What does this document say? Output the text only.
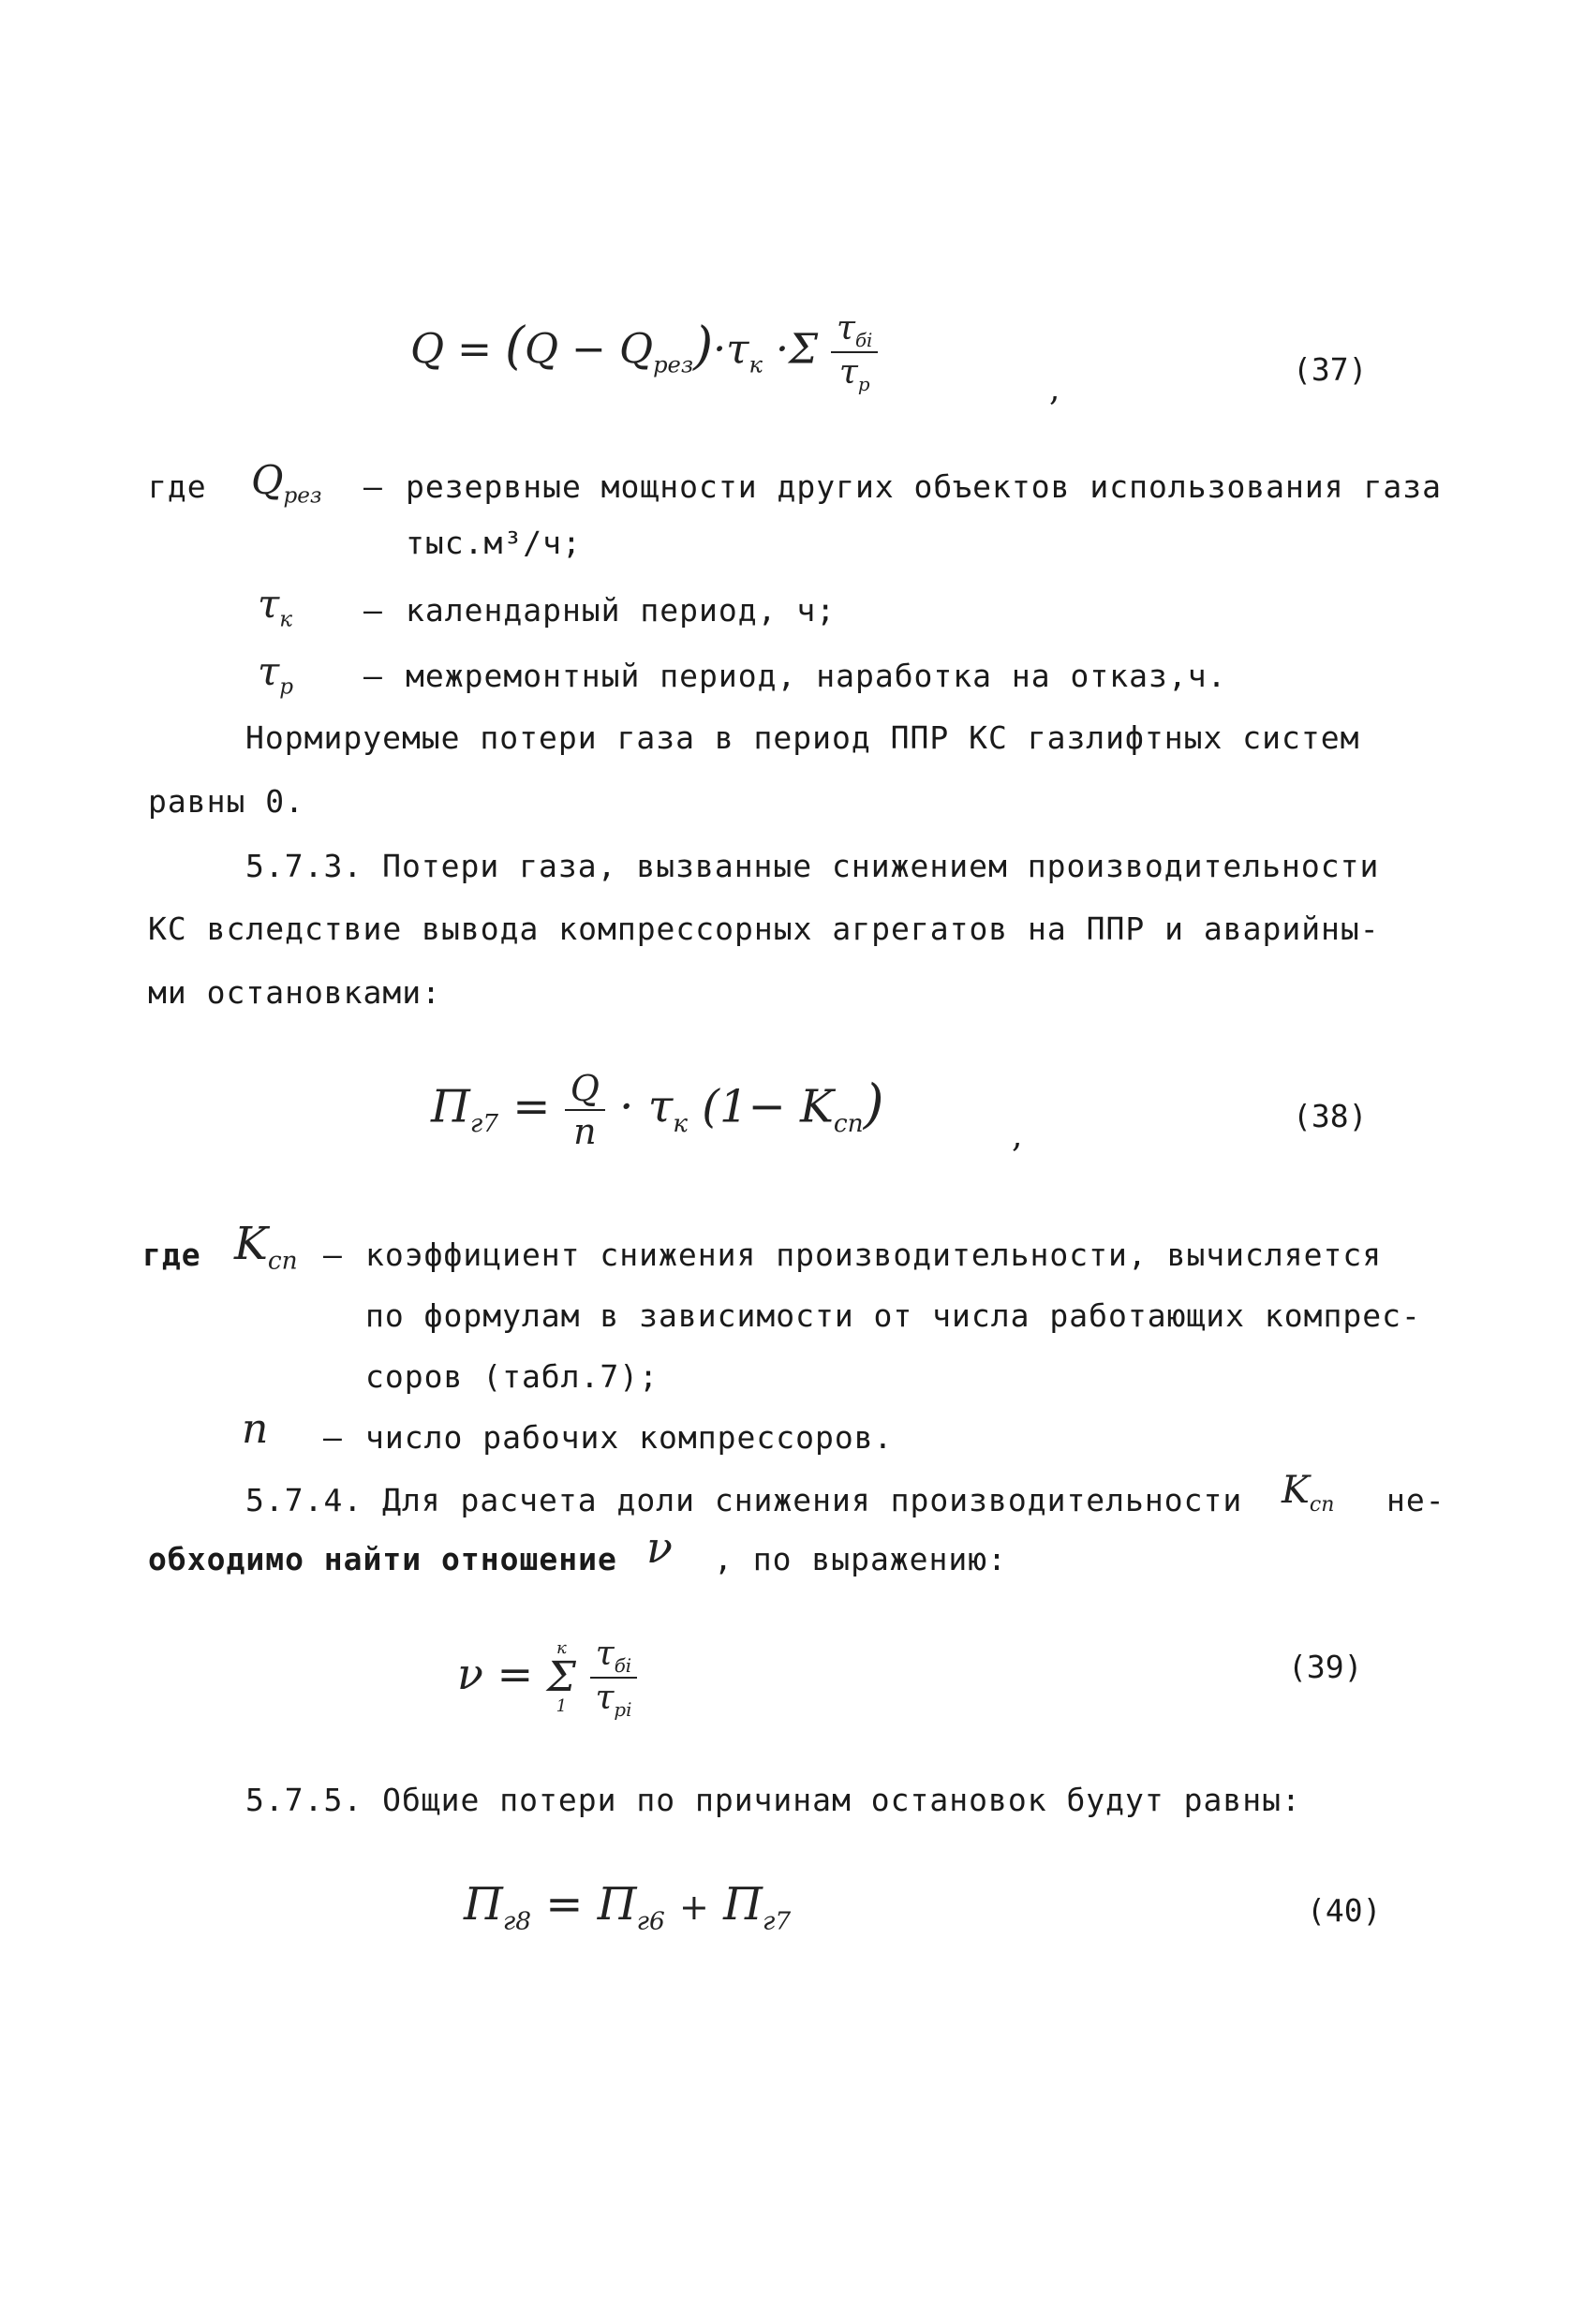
$Q = (Q - Q_{рез})\cdot\tau_к \cdot\Sigma \frac{\tau_{бi}}{\tau_р}$	,
(37)
где $Q_{рез}$ – резервные мощности других объектов использования газа
тыс.м³/ч;
$\tau_к$ – календарный период, ч;
$\tau_р$ – межремонтный период, наработка на отказ,ч.
Нормируемые потери газа в период ППР КС газлифтных систем
равны 0.
5.7.3. Потери газа, вызванные снижением производительности
КС вследствие вывода компрессорных агрегатов на ППР и аварийны-
ми остановками:
$П_{г7} = \frac{Q}{n} \cdot \tau_к$ $(1- K_{сп})$
,
(38)
где $K_{сп}$ – коэффициент снижения производительности, вычисляется
по формулам в зависимости от числа работающих компрес-
соров (табл.7);
n – число рабочих компрессоров.
5.7.4. Для расчета доли снижения производительности $K_{сп}$ не-
обходимо найти отношение ν , по выражению:
ν =
к
Σ
1
$\frac{\tau_{бi}}{\tau_{рi}}$	(39)
5.7.5. Общие потери по причинам остановок будут равны:
$П_{г8} = П_{г6} + П_{г7}$	(40)
